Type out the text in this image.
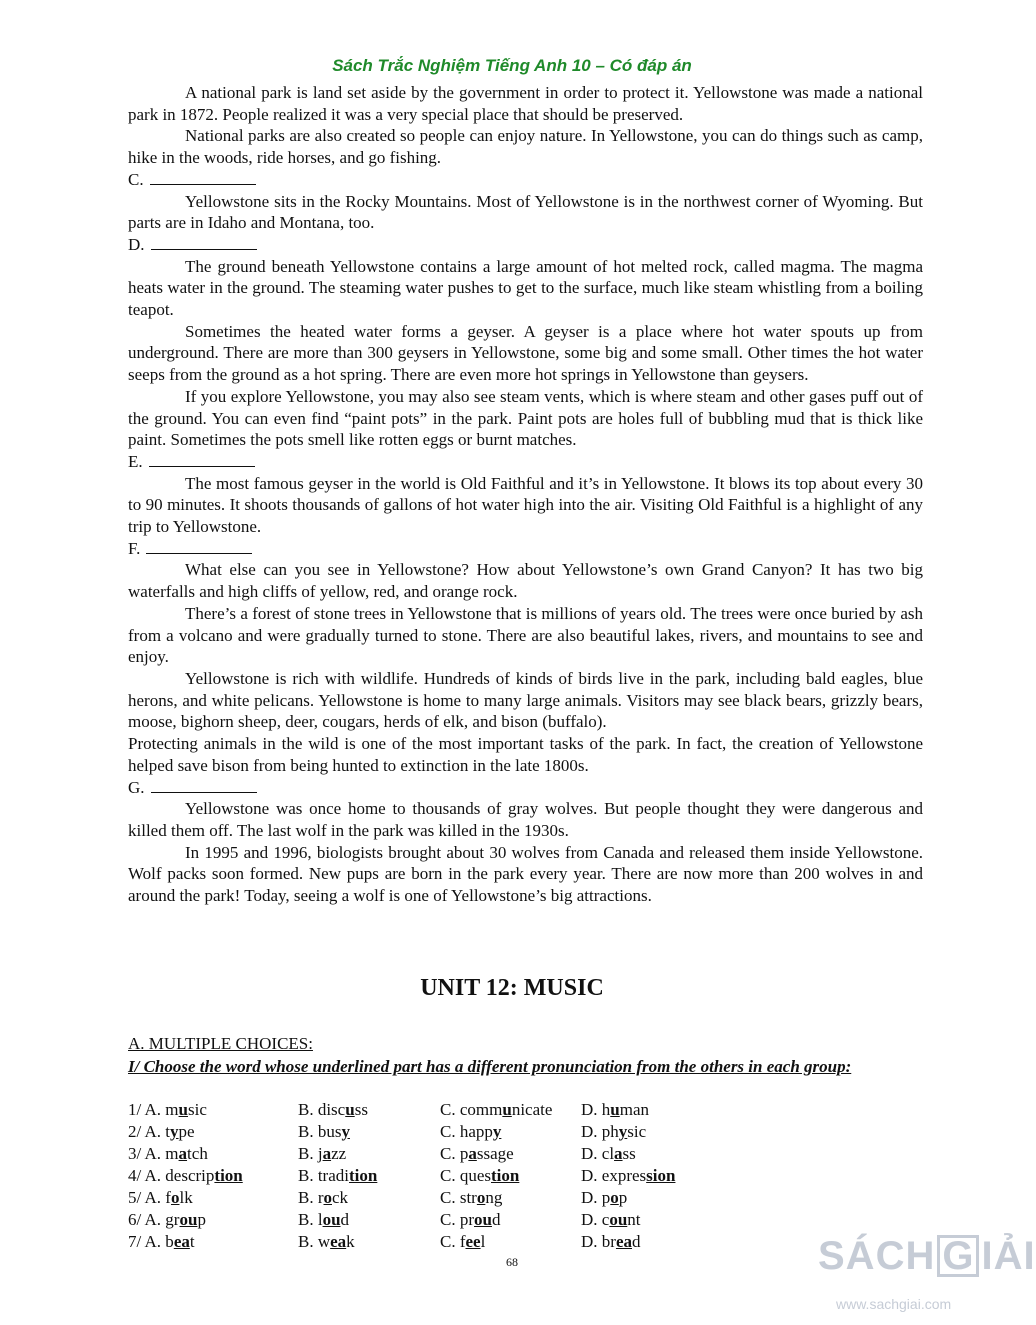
Sách Trắc Nghiệm Tiếng Anh 10 – Có đáp án

A national park is land set aside by the government in order to protect it. Yellowstone was made a national park in 1872. People realized it was a very special place that should be preserved.

National parks are also created so people can enjoy nature. In Yellowstone, you can do things such as camp, hike in the woods, ride horses, and go fishing.

C.

Yellowstone sits in the Rocky Mountains. Most of Yellowstone is in the northwest corner of Wyoming. But parts are in Idaho and Montana, too.

D.

The ground beneath Yellowstone contains a large amount of hot melted rock, called magma. The magma heats water in the ground. The steaming water pushes to get to the surface, much like steam whistling from a boiling teapot.

Sometimes the heated water forms a geyser. A geyser is a place where hot water spouts up from underground. There are more than 300 geysers in Yellowstone, some big and some small. Other times the hot water seeps from the ground as a hot spring. There are even more hot springs in Yellowstone than geysers.

If you explore Yellowstone, you may also see steam vents, which is where steam and other gases puff out of the ground. You can even find “paint pots” in the park. Paint pots are holes full of bubbling mud that is thick like paint. Sometimes the pots smell like rotten eggs or burnt matches.

E.

The most famous geyser in the world is Old Faithful and it’s in Yellowstone. It blows its top about every 30 to 90 minutes. It shoots thousands of gallons of hot water high into the air. Visiting Old Faithful is a highlight of any trip to Yellowstone.

F.

What else can you see in Yellowstone? How about Yellowstone’s own Grand Canyon? It has two big waterfalls and high cliffs of yellow, red, and orange rock.

There’s a forest of stone trees in Yellowstone that is millions of years old. The trees were once buried by ash from a volcano and were gradually turned to stone. There are also beautiful lakes, rivers, and mountains to see and enjoy.

Yellowstone is rich with wildlife. Hundreds of kinds of birds live in the park, including bald eagles, blue herons, and white pelicans. Yellowstone is home to many large animals. Visitors may see black bears, grizzly bears, moose, bighorn sheep, deer, cougars, herds of elk, and bison (buffalo).

Protecting animals in the wild is one of the most important tasks of the park. In fact, the creation of Yellowstone helped save bison from being hunted to extinction in the late 1800s.

G.

Yellowstone was once home to thousands of gray wolves. But people thought they were dangerous and killed them off. The last wolf in the park was killed in the 1930s.

In 1995 and 1996, biologists brought about 30 wolves from Canada and released them inside Yellowstone. Wolf packs soon formed. New pups are born in the park every year. There are now more than 200 wolves in and around the park! Today, seeing a wolf is one of Yellowstone’s big attractions.

UNIT 12: MUSIC
A. MULTIPLE CHOICES:
I/ Choose the word whose underlined part has a different pronunciation from the others in each group:
1/ A. music	B. discuss	C. communicate D. human
2/ A. type	B. busy	C. happy	D. physic
3/ A. match	B. jazz	C. passage	D. class
4/ A. description	B. tradition	C. question	D. expression
5/ A. folk	B. rock	C. strong	D. pop
6/ A. group	B. loud	C. proud	D. count
7/ A. beat	B. weak	C. feel	D. bread
68	SÁCH G IẢI
www.sachgiai.com
